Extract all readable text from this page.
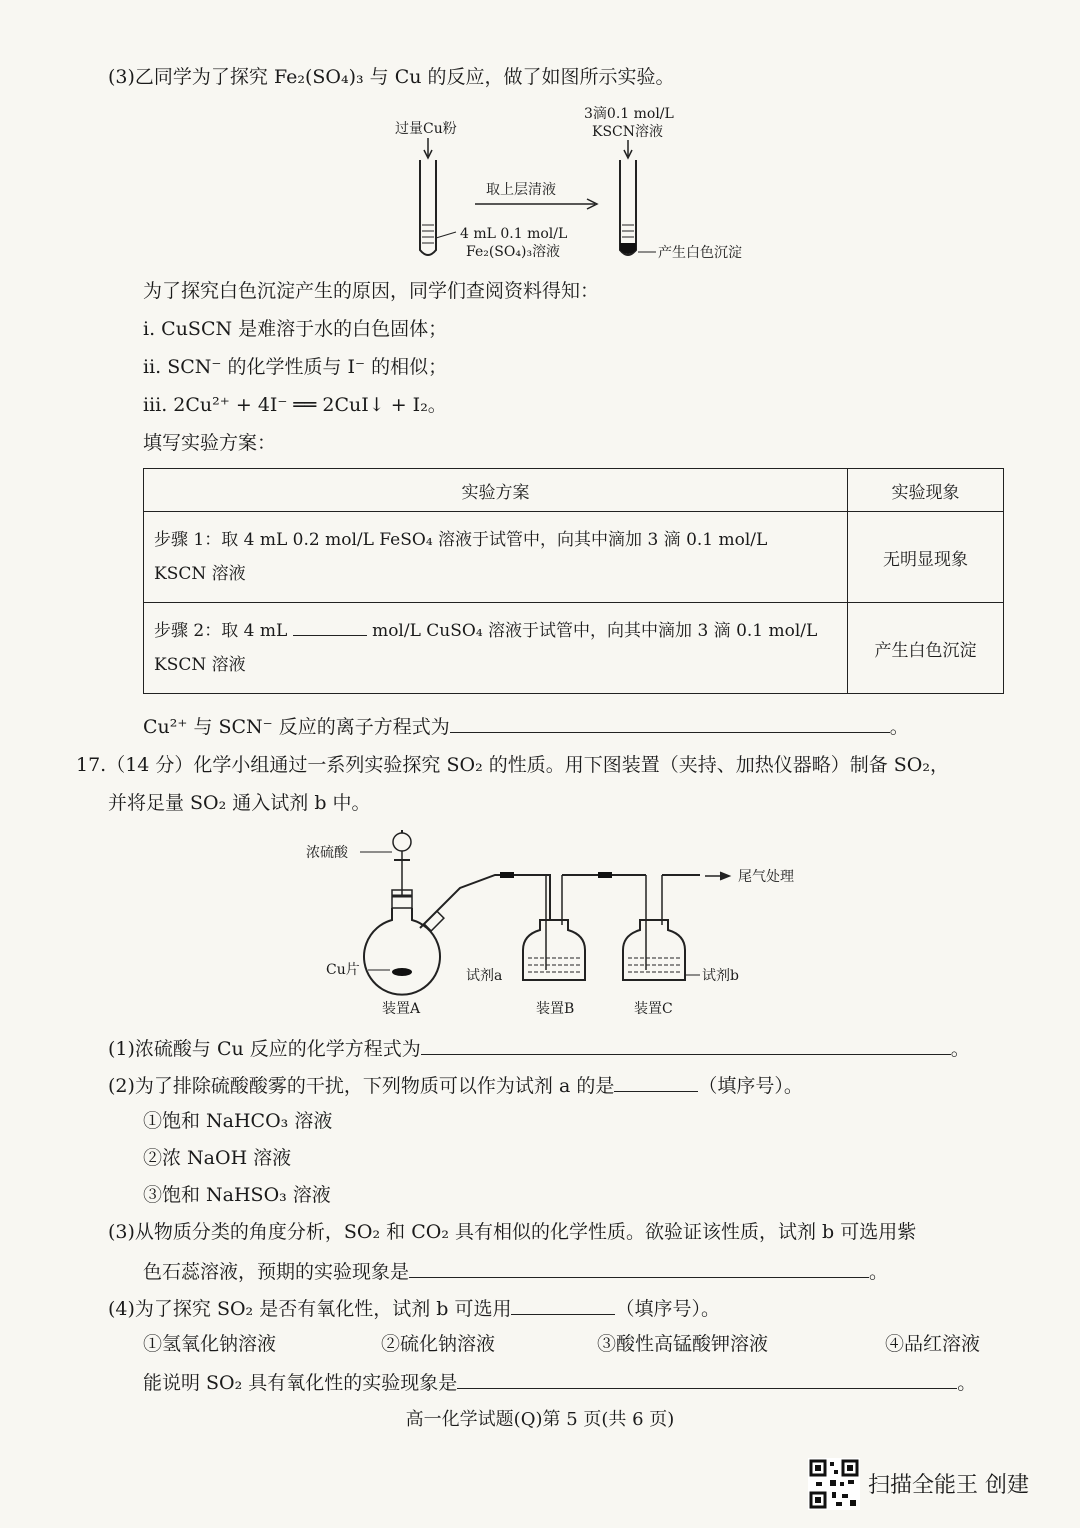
(3)乙同学为了探究 Fe₂(SO₄)₃ 与 Cu 的反应，做了如图所示实验。
过量Cu粉
取上层清液
4 mL 0.1 mol/L
Fe₂(SO₄)₃溶液
3滴0.1 mol/L
KSCN溶液
产生白色沉淀
为了探究白色沉淀产生的原因，同学们查阅资料得知：
ⅰ. CuSCN 是难溶于水的白色固体；
ⅱ. SCN⁻ 的化学性质与 I⁻ 的相似；
ⅲ. 2Cu²⁺ + 4I⁻ ══ 2CuI↓ + I₂。
填写实验方案：
实验方案	实验现象

步骤 1：取 4 mL 0.2 mol/L FeSO₄ 溶液于试管中，向其中滴加 3 滴 0.1 mol/L
KSCN 溶液	无明显现象

步骤 2：取 4 mL mol/L CuSO₄ 溶液于试管中，向其中滴加 3 滴 0.1 mol/L
KSCN 溶液	产生白色沉淀
Cu²⁺ 与 SCN⁻ 反应的离子方程式为	。
17.（14 分）化学小组通过一系列实验探究 SO₂ 的性质。用下图装置（夹持、加热仪器略）制备 SO₂，
并将足量 SO₂ 通入试剂 b 中。
浓硫酸
Cu片
尾气处理
试剂a	试剂b
装置A	装置B	装置C
(1)浓硫酸与 Cu 反应的化学方程式为	。
(2)为了排除硫酸酸雾的干扰，下列物质可以作为试剂 a 的是	（填序号）。
①饱和 NaHCO₃ 溶液
②浓 NaOH 溶液
③饱和 NaHSO₃ 溶液
(3)从物质分类的角度分析，SO₂ 和 CO₂ 具有相似的化学性质。欲验证该性质，试剂 b 可选用紫
色石蕊溶液，预期的实验现象是	。
(4)为了探究 SO₂ 是否有氧化性，试剂 b 可选用	（填序号）。
①氢氧化钠溶液	②硫化钠溶液	③酸性高锰酸钾溶液	④品红溶液
能说明 SO₂ 具有氧化性的实验现象是	。
高一化学试题(Q)第 5 页(共 6 页)
扫描全能王 创建
